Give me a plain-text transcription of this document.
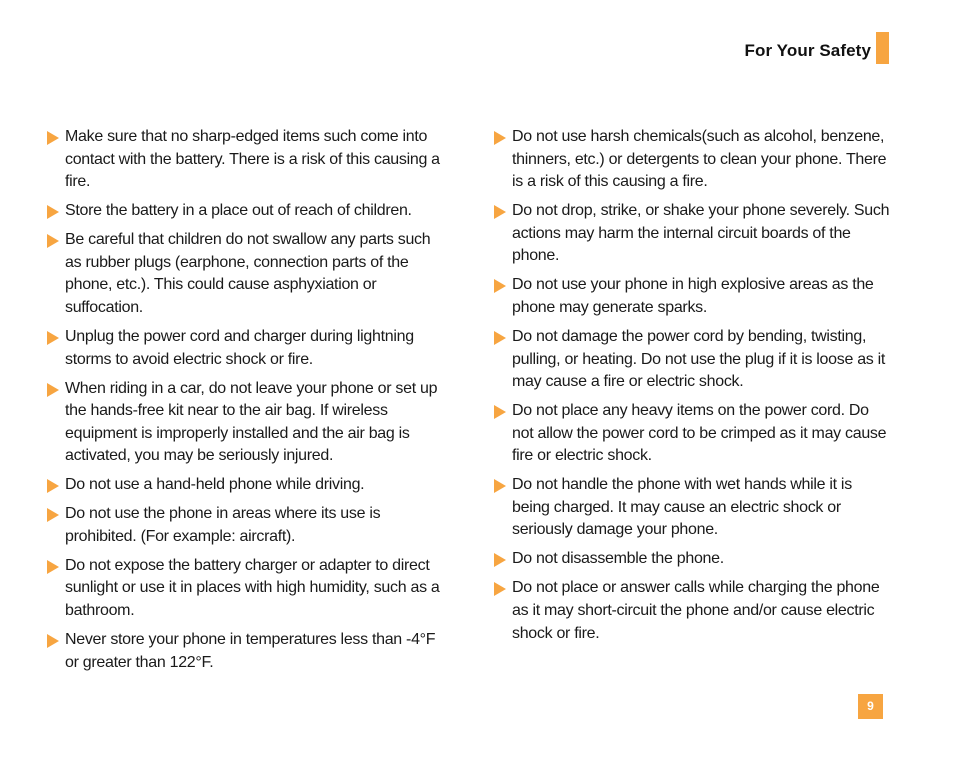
For Your Safety
Make sure that no sharp-edged items such come into contact with the battery. There is a risk of this causing a fire.
Store the battery in a place out of reach of children.
Be careful that children do not swallow any parts such as rubber plugs (earphone, connection parts of the phone, etc.). This could cause asphyxiation or suffocation.
Unplug the power cord and charger during lightning storms to avoid electric shock or fire.
When riding in a car, do not leave your phone or set up the hands-free kit near to the air bag. If wireless equipment is improperly installed and the air bag is activated, you may be seriously injured.
Do not use a hand-held phone while driving.
Do not use the phone in areas where its use is prohibited. (For example: aircraft).
Do not expose the battery charger or adapter to direct sunlight or use it in places with high humidity, such as a bathroom.
Never store your phone in temperatures less than -4°F or greater than 122°F.
Do not use harsh chemicals(such as alcohol, benzene, thinners, etc.) or detergents to clean your phone. There is a risk of this causing a fire.
Do not drop, strike, or shake your phone severely. Such actions may harm the internal circuit boards of the phone.
Do not use your phone in high explosive areas as the phone may generate sparks.
Do not damage the power cord by bending, twisting, pulling, or heating. Do not use the plug if it is loose as it may cause a fire or electric shock.
Do not place any heavy items on the power cord. Do not allow the power cord to be crimped as it may cause fire or electric shock.
Do not handle the phone with wet hands while it is being charged. It may cause an electric shock or seriously damage your phone.
Do not disassemble the phone.
Do not place or answer calls while charging the phone as it may short-circuit the phone and/or cause electric shock or fire.
9
